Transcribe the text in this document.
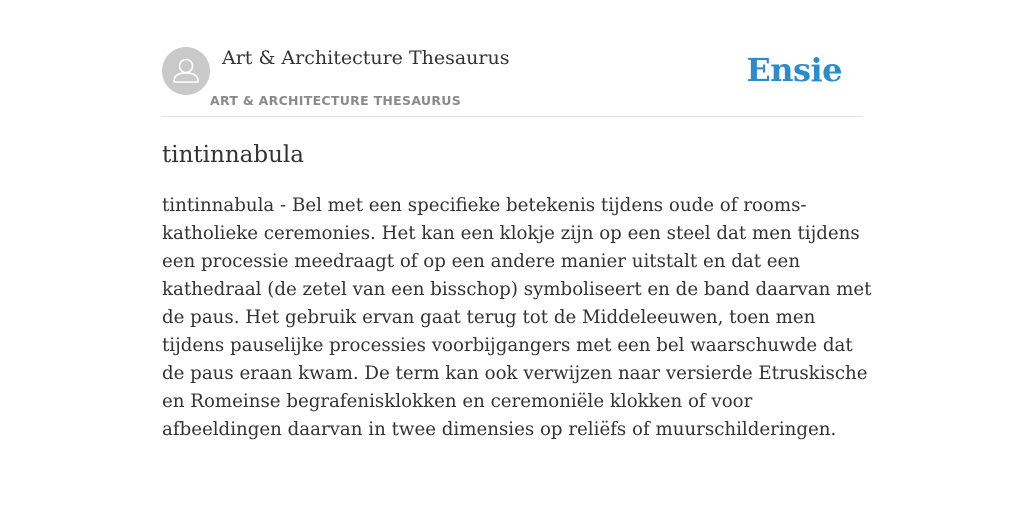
Art & Architecture Thesaurus
ART & ARCHITECTURE THESAURUS
Ensie
tintinnabula

tintinnabula - Bel met een specifieke betekenis tijdens oude of rooms-katholieke ceremonies. Het kan een klokje zijn op een steel dat men tijdens een processie meedraagt of op een andere manier uitstalt en dat een kathedraal (de zetel van een bisschop) symboliseert en de band daarvan met de paus. Het gebruik ervan gaat terug tot de Middeleeuwen, toen men tijdens pauselijke processies voorbijgangers met een bel waarschuwde dat de paus eraan kwam. De term kan ook verwijzen naar versierde Etruskische en Romeinse begrafenisklokken en ceremoniële klokken of voor afbeeldingen daarvan in twee dimensies op reliëfs of muurschilderingen.
